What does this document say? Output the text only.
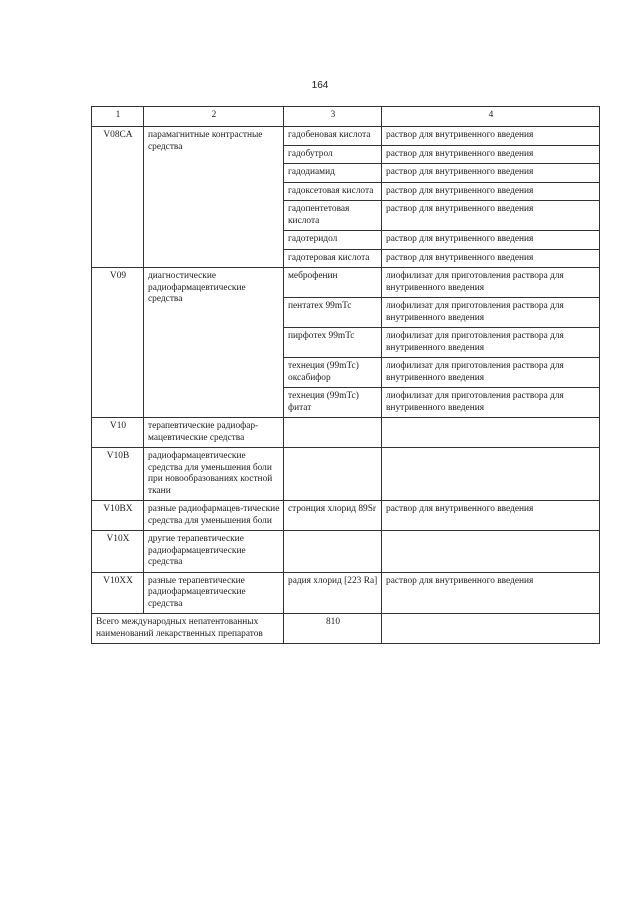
164
1	2	3	4
V08CA	парамагнитные контрастные средства	гадобеновая кислота	раствор для внутривенного введения
		гадобутрол	раствор для внутривенного введения
		гадодиамид	раствор для внутривенного введения
		гадоксетовая кислота	раствор для внутривенного введения
		гадопентетовая кислота	раствор для внутривенного введения
		гадотеридол	раствор для внутривенного введения
		гадотеровая кислота	раствор для внутривенного введения
V09	диагностические радиофармацевтические средства	меброфенин	лиофилизат для приготовления раствора для внутривенного введения
		пентатех 99mTc	лиофилизат для приготовления раствора для внутривенного введения
		пирфотех 99mTc	лиофилизат для приготовления раствора для внутривенного введения
		технеция (99mTc) оксабифор	лиофилизат для приготовления раствора для внутривенного введения
		технеция (99mTc) фитат	лиофилизат для приготовления раствора для внутривенного введения
V10	терапевтические радиофар-мацевтические средства		
V10B	радиофармацевтические средства для уменьшения боли при новообразованиях костной ткани		
V10BX	разные радиофармацев-тические средства для уменьшения боли	стронция хлорид 89Sr	раствор для внутривенного введения
V10X	другие терапевтические радиофармацевтические средства		
V10XX	разные терапевтические радиофармацевтические средства	радия хлорид [223 Ra]	раствор для внутривенного введения
Всего международных непатентованных наименований лекарственных препаратов		810	
